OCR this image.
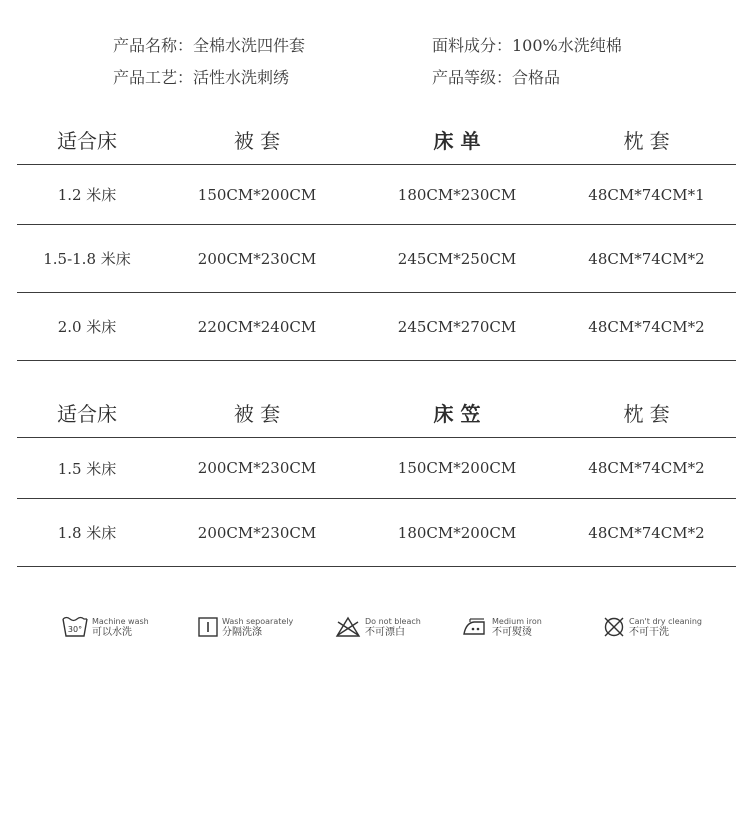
产品名称：全棉水洗四件套	面料成分：100%水洗纯棉
产品工艺：活性水洗刺绣	产品等级：合格品
适合床	被 套	床 单	枕 套
1.2 米床	150CM*200CM	180CM*230CM	48CM*74CM*1
1.5-1.8 米床	200CM*230CM	245CM*250CM	48CM*74CM*2
2.0 米床	220CM*240CM	245CM*270CM	48CM*74CM*2
适合床	被 套	床 笠	枕 套
1.5 米床	200CM*230CM	150CM*200CM	48CM*74CM*2
1.8 米床	200CM*230CM	180CM*200CM	48CM*74CM*2
30°
Machine wash
可以水洗
Wash sepoarately
分隔洗涤
Do not bleach
不可漂白
Medium iron
不可熨烫
Can't dry cleaning
不可干洗
